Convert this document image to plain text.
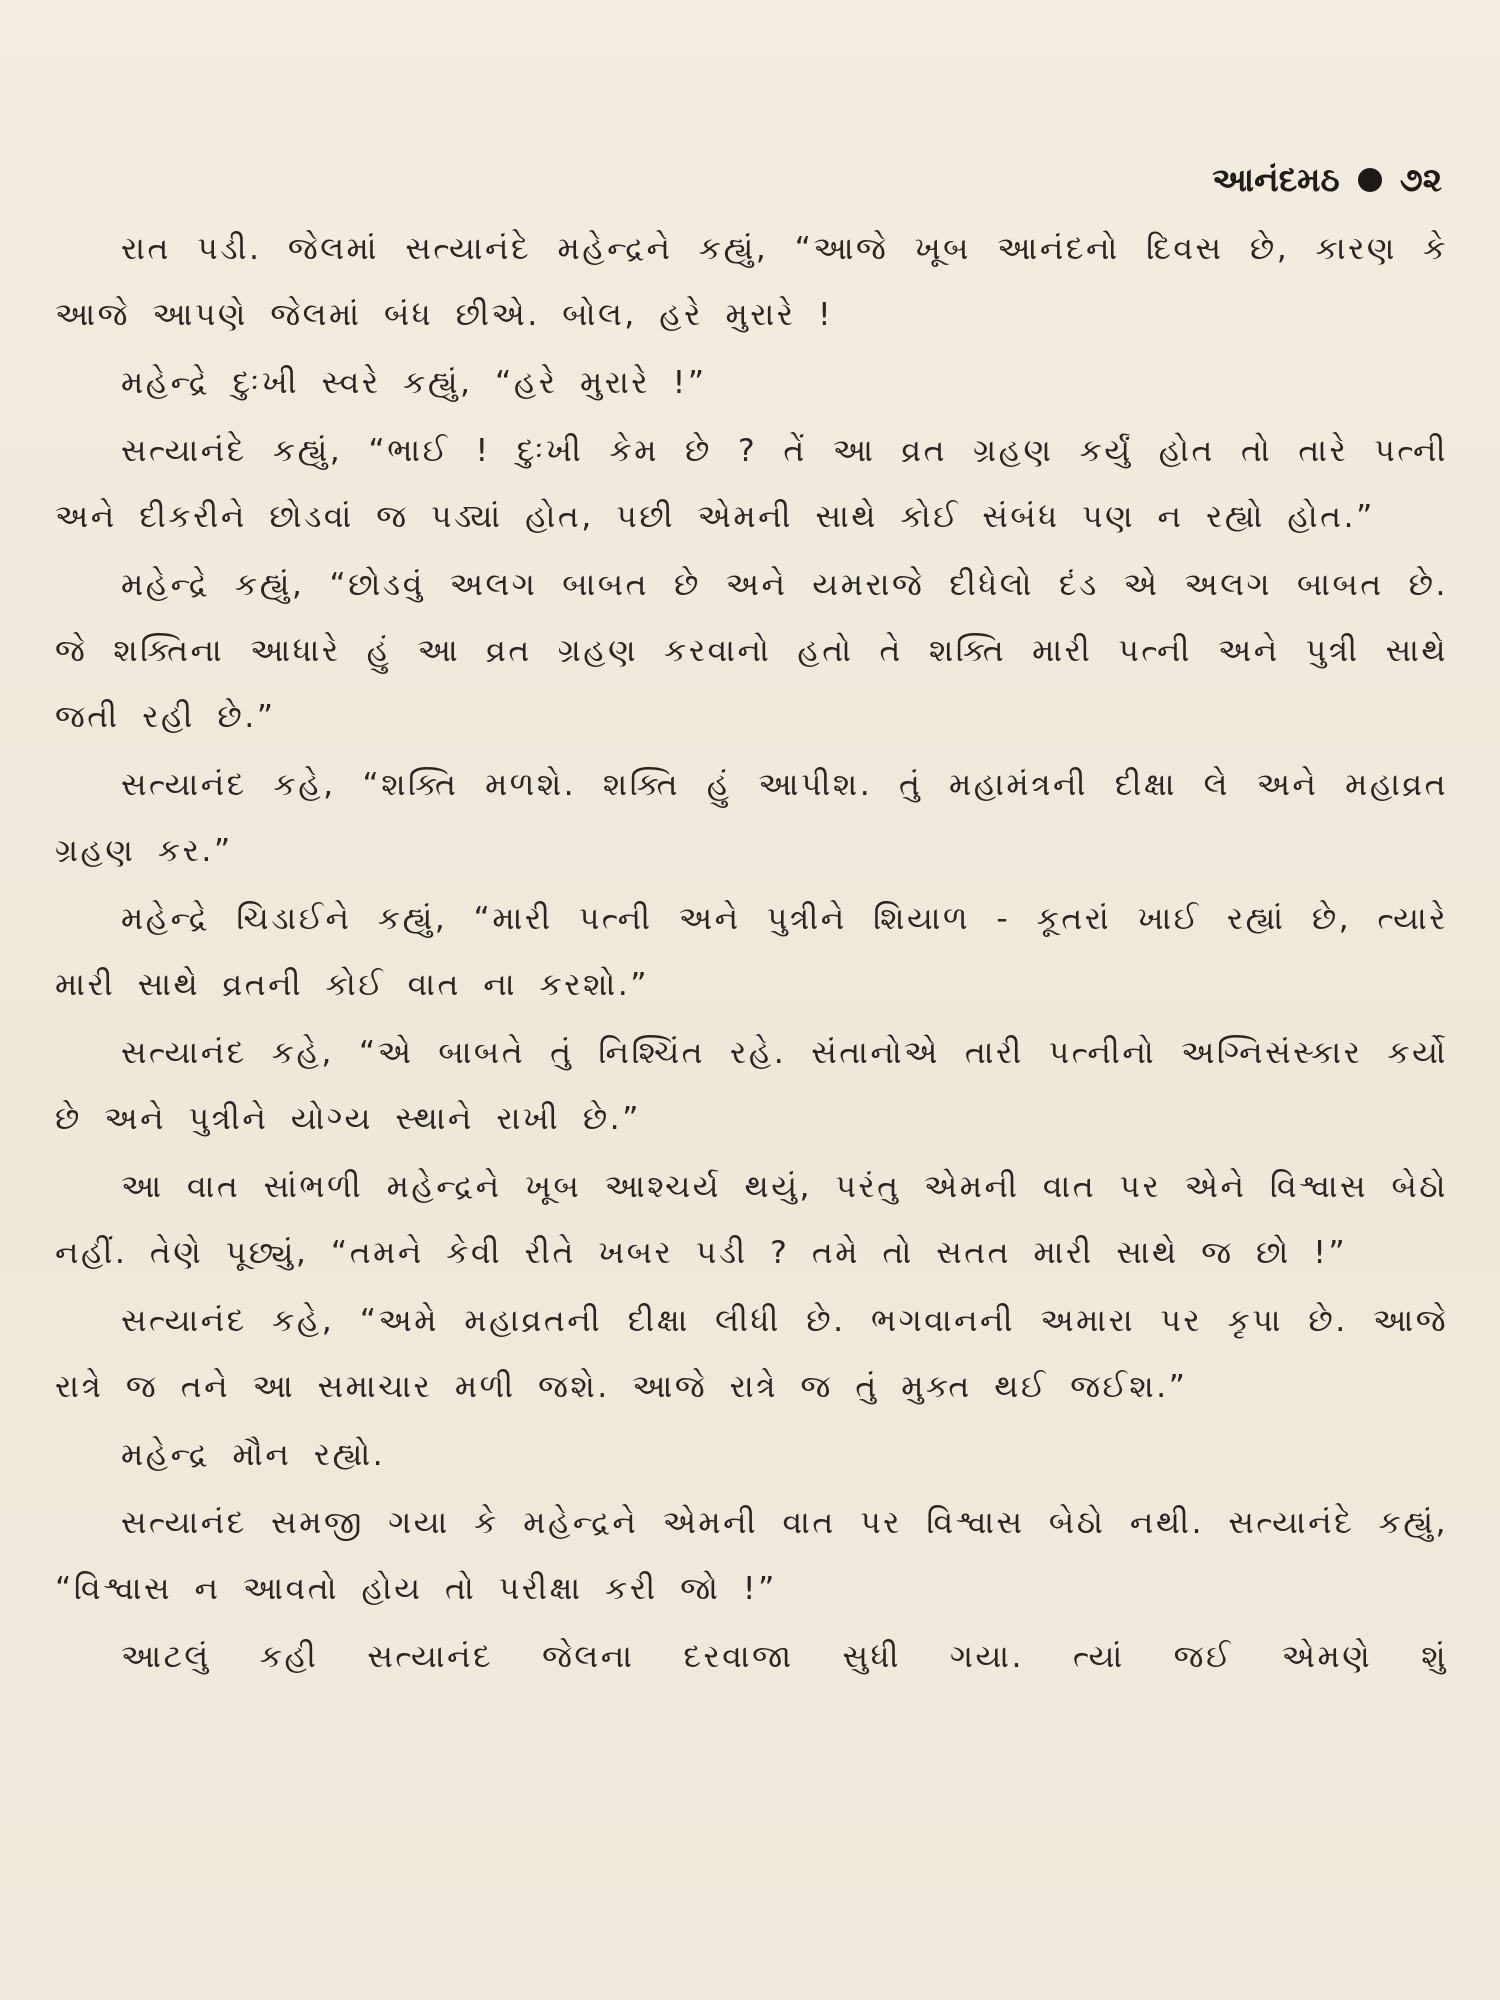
આનંદમઠ ૭૨

રાત પડી. જેલમાં સત્યાનંદે મહેન્દ્રને કહ્યું, “આજે ખૂબ આનંદનો દિવસ છે, કારણ કે આજે આપણે જેલમાં બંધ છીએ. બોલ, હરે મુરારે !

મહેન્દ્રે દુઃખી સ્વરે કહ્યું, “હરે મુરારે !”

સત્યાનંદે કહ્યું, “ભાઈ ! દુઃખી કેમ છે ? તેં આ વ્રત ગ્રહણ કર્યું હોત તો તારે પત્ની અને દીકરીને છોડવાં જ પડ્યાં હોત, પછી એમની સાથે કોઈ સંબંધ પણ ન રહ્યો હોત.”

મહેન્દ્રે કહ્યું, “છોડવું અલગ બાબત છે અને યમરાજે દીધેલો દંડ એ અલગ બાબત છે. જે શક્તિના આધારે હું આ વ્રત ગ્રહણ કરવાનો હતો તે શક્તિ મારી પત્ની અને પુત્રી સાથે જતી રહી છે.”

સત્યાનંદ કહે, “શક્તિ મળશે. શક્તિ હું આપીશ. તું મહામંત્રની દીક્ષા લે અને મહાવ્રત ગ્રહણ કર.”

મહેન્દ્રે ચિડાઈને કહ્યું, “મારી પત્ની અને પુત્રીને શિયાળ - કૂતરાં ખાઈ રહ્યાં છે, ત્યારે મારી સાથે વ્રતની કોઈ વાત ના કરશો.”

સત્યાનંદ કહે, “એ બાબતે તું નિશ્ચિંત રહે. સંતાનોએ તારી પત્નીનો અગ્નિસંસ્કાર કર્યો છે અને પુત્રીને યોગ્ય સ્થાને રાખી છે.”

આ વાત સાંભળી મહેન્દ્રને ખૂબ આશ્ચર્ય થયું, પરંતુ એમની વાત પર એને વિશ્વાસ બેઠો નહીં. તેણે પૂછ્યું, “તમને કેવી રીતે ખબર પડી ? તમે તો સતત મારી સાથે જ છો !”

સત્યાનંદ કહે, “અમે મહાવ્રતની દીક્ષા લીધી છે. ભગવાનની અમારા પર કૃપા છે. આજે રાત્રે જ તને આ સમાચાર મળી જશે. આજે રાત્રે જ તું મુક્ત થઈ જઈશ.”

મહેન્દ્ર મૌન રહ્યો.

સત્યાનંદ સમજી ગયા કે મહેન્દ્રને એમની વાત પર વિશ્વાસ બેઠો નથી. સત્યાનંદે કહ્યું, “વિશ્વાસ ન આવતો હોય તો પરીક્ષા કરી જો !”

આટલું કહી સત્યાનંદ જેલના દરવાજા સુધી ગયા. ત્યાં જઈ એમણે શું
